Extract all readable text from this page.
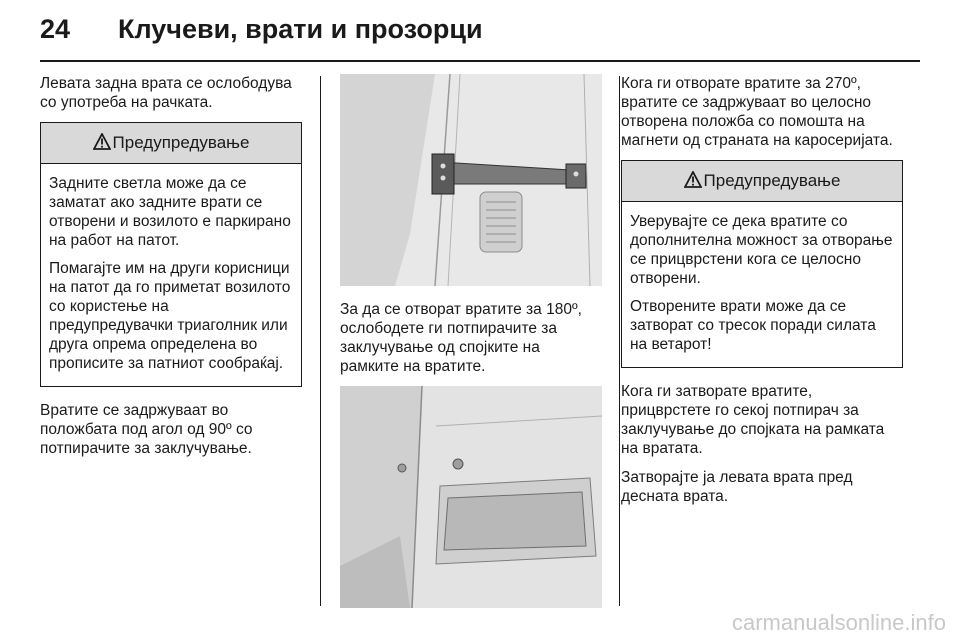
24 Клучеви, врати и прозорци

Левата задна врата се ослободува со употреба на рачката.

Предупредување

Задните светла може да се заматат ако задните врати се отворени и возилото е паркирано на работ на патот.

Помагајте им на други корисници на патот да го приметат возилото со користење на предупредувачки триаголник или друга опрема определена во прописите за патниот сообраќај.

Вратите се задржуваат во положбата под агол од 90º со потпирачите за заклучување.

За да се отворат вратите за 180º, ослободете ги потпирачите за заклучување од спојките на рамките на вратите.

Кога ги отворате вратите за 270º, вратите се задржуваат во целосно отворена положба со помошта на магнети од страната на каросеријата.

Предупредување

Уверувајте се дека вратите со дополнителна можност за отворање се прицврстени кога се целосно отворени.

Отворените врати може да се затворат со тресок поради силата на ветарот!

Кога ги затворате вратите, прицврстете го секој потпирач за заклучување до спојката на рамката на вратата.

Затворајте ја левата врата пред десната врата.

carmanualsonline.info
